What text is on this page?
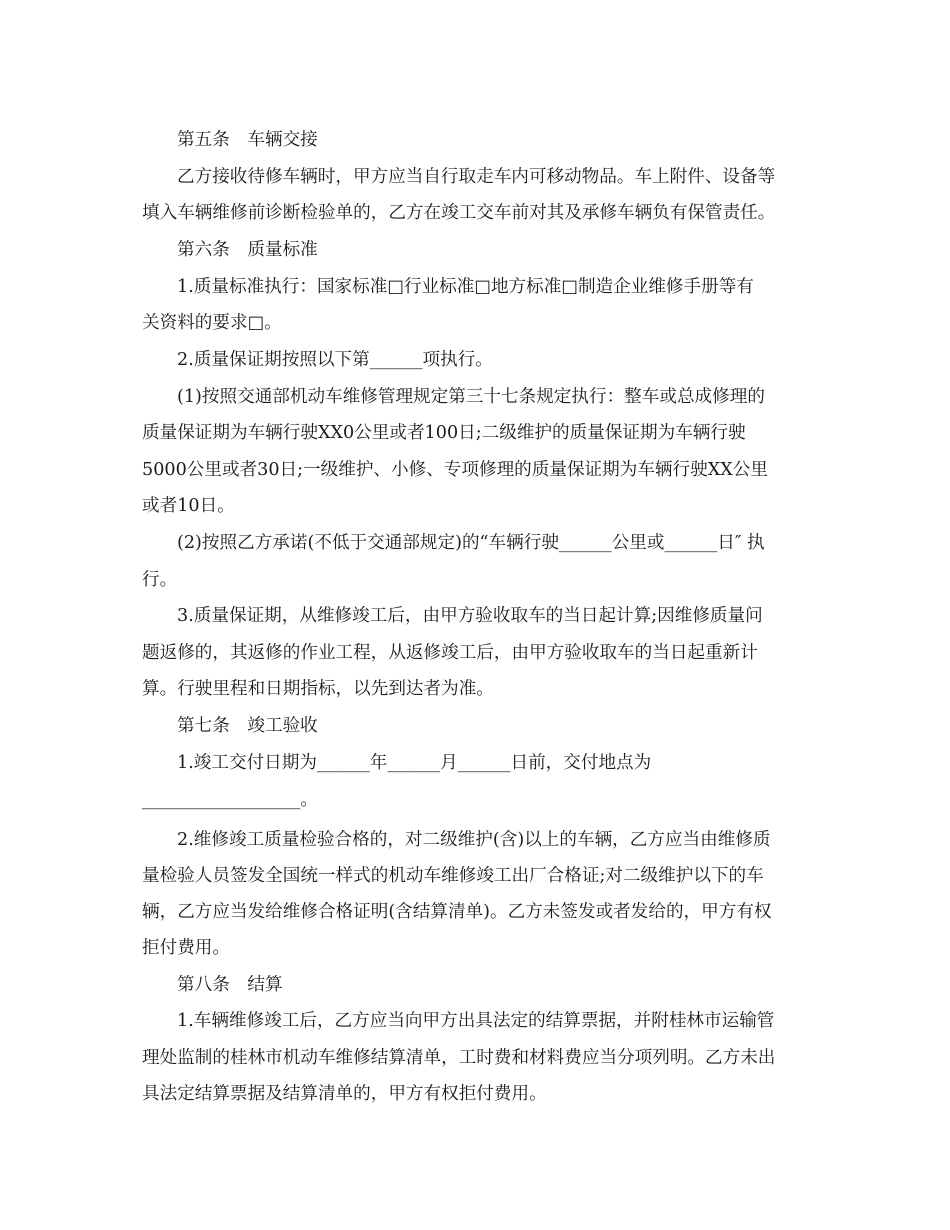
第五条　车辆交接
乙方接收待修车辆时，甲方应当自行取走车内可移动物品。车上附件、设备等
填入车辆维修前诊断检验单的，乙方在竣工交车前对其及承修车辆负有保管责任。
第六条　质量标准
1.质量标准执行：国家标准□行业标准□地方标准□制造企业维修手册等有
关资料的要求□。
2.质量保证期按照以下第______项执行。
(1)按照交通部机动车维修管理规定第三十七条规定执行：整车或总成修理的
质量保证期为车辆行驶XX0公里或者100日;二级维护的质量保证期为车辆行驶
5000公里或者30日;一级维护、小修、专项修理的质量保证期为车辆行驶XX公里
或者10日。
(2)按照乙方承诺(不低于交通部规定)的“车辆行驶______公里或______日″ 执
行。
3.质量保证期，从维修竣工后，由甲方验收取车的当日起计算;因维修质量问
题返修的，其返修的作业工程，从返修竣工后，由甲方验收取车的当日起重新计
算。行驶里程和日期指标，以先到达者为准。
第七条　竣工验收
1.竣工交付日期为______年______月______日前，交付地点为
__________________。
2.维修竣工质量检验合格的，对二级维护(含)以上的车辆，乙方应当由维修质
量检验人员签发全国统一样式的机动车维修竣工出厂合格证;对二级维护以下的车
辆，乙方应当发给维修合格证明(含结算清单)。乙方未签发或者发给的，甲方有权
拒付费用。
第八条　结算
1.车辆维修竣工后，乙方应当向甲方出具法定的结算票据，并附桂林市运输管
理处监制的桂林市机动车维修结算清单，工时费和材料费应当分项列明。乙方未出
具法定结算票据及结算清单的，甲方有权拒付费用。
